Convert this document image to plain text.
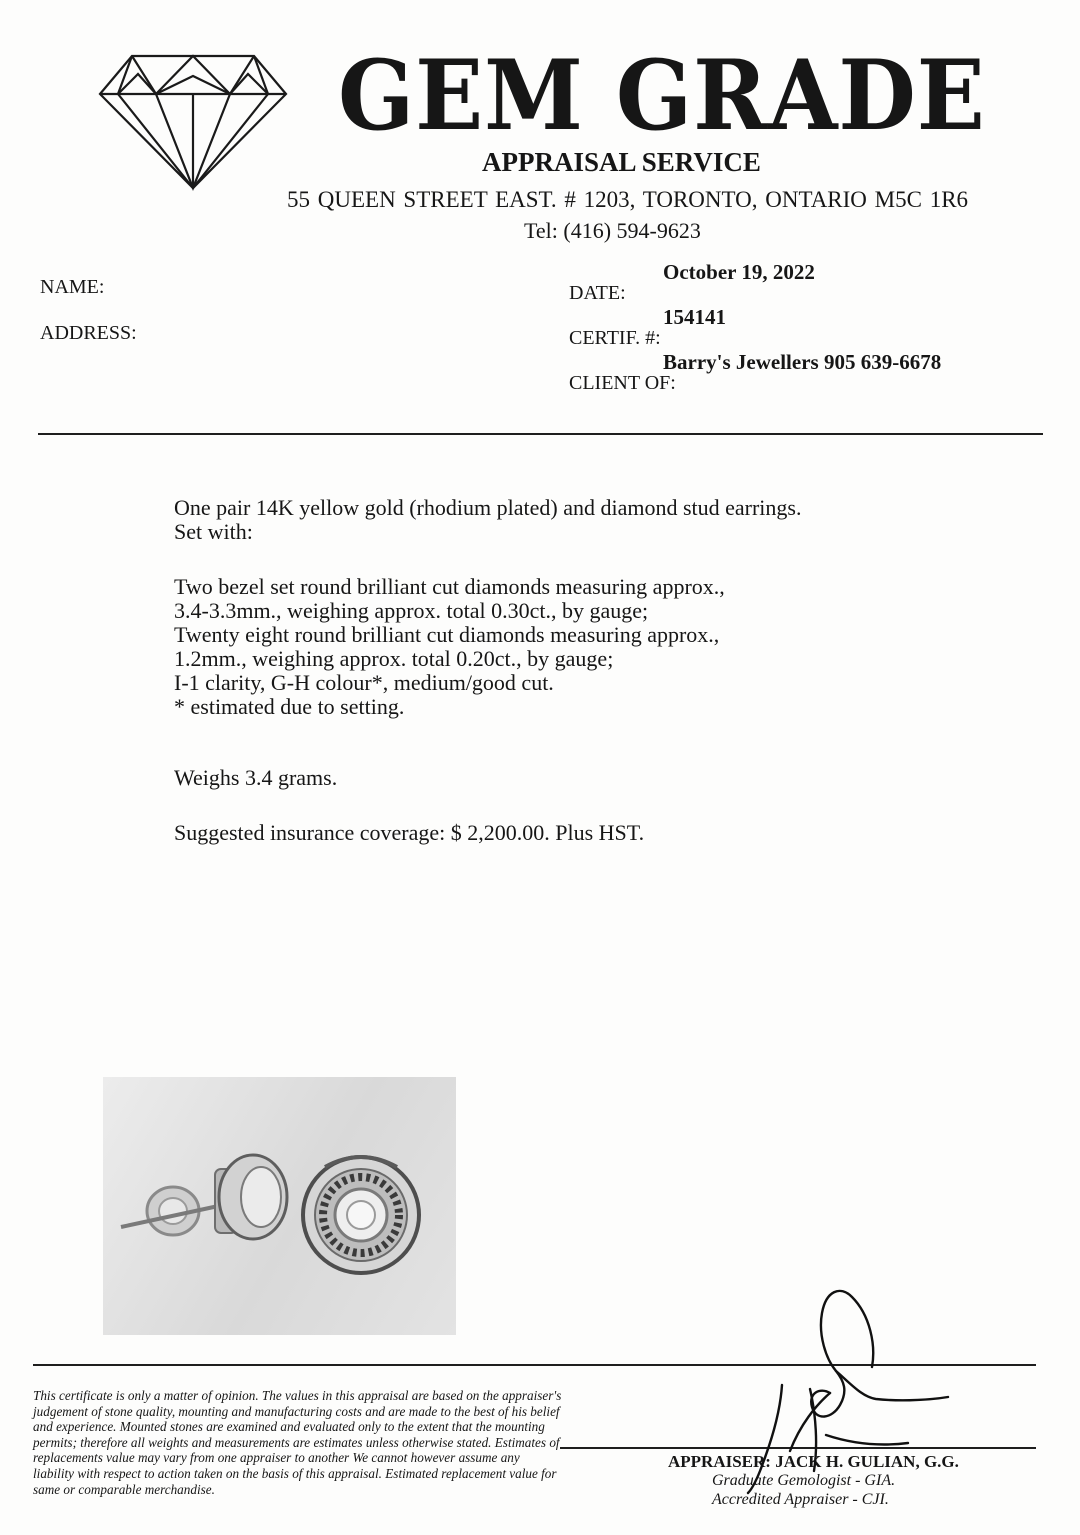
GEM GRADE
APPRAISAL SERVICE
55 QUEEN STREET EAST. # 1203, TORONTO, ONTARIO M5C 1R6
Tel: (416) 594-9623
NAME:
ADDRESS:
October 19, 2022
DATE:
154141
CERTIF. #:
Barry's Jewellers 905 639-6678
CLIENT OF:
One pair 14K yellow gold (rhodium plated) and diamond stud earrings.
Set with:
Two bezel set round brilliant cut diamonds measuring approx.,
3.4-3.3mm., weighing approx. total 0.30ct., by gauge;
Twenty eight round brilliant cut diamonds measuring approx.,
1.2mm., weighing approx. total 0.20ct., by gauge;
I-1 clarity, G-H colour*, medium/good cut.
* estimated due to setting.
Weighs 3.4 grams.
Suggested insurance coverage: $ 2,200.00. Plus HST.
This certificate is only a matter of opinion. The values in this appraisal are based on the appraiser's
judgement of stone quality, mounting and manufacturing costs and are made to the best of his belief
and experience. Mounted stones are examined and evaluated only to the extent that the mounting
permits; therefore all weights and measurements are estimates unless otherwise stated. Estimates of
replacements value may vary from one appraiser to another We cannot however assume any
liability with respect to action taken on the basis of this appraisal. Estimated replacement value for
same or comparable merchandise.
APPRAISER: JACK H. GULIAN, G.G.
Graduate Gemologist - GIA.
Accredited Appraiser - CJI.
